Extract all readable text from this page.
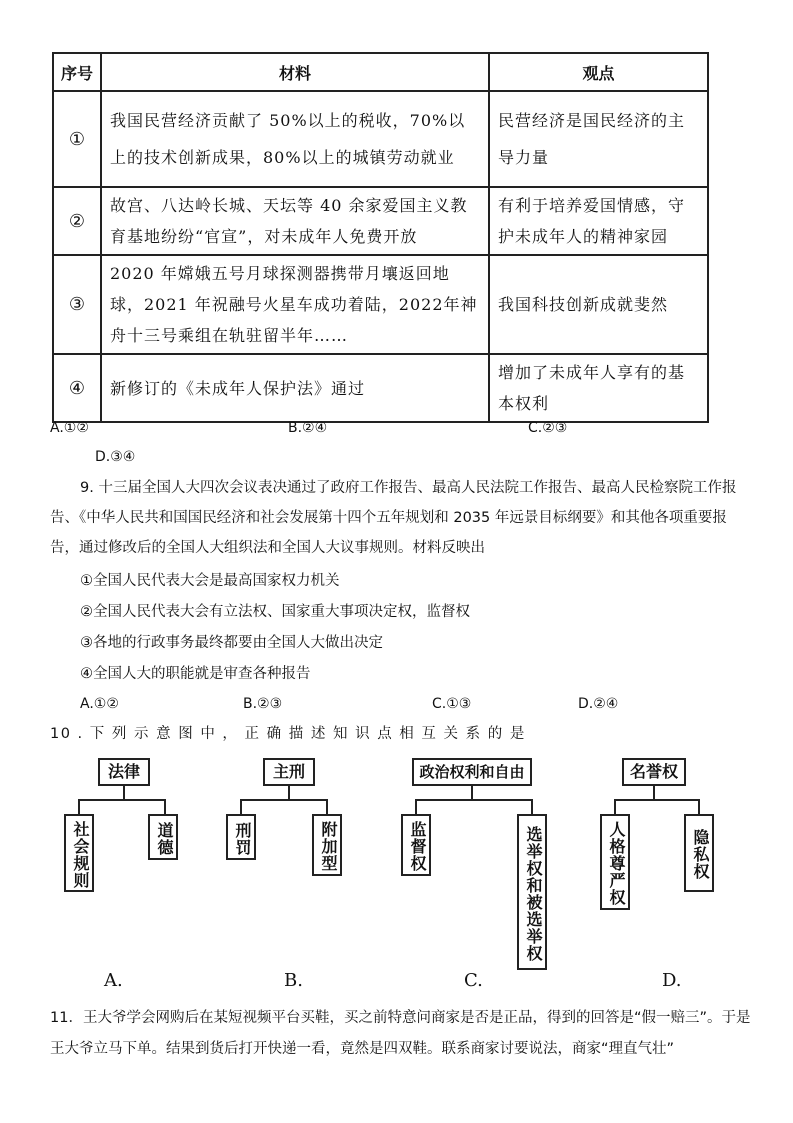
序号	材料	观点
①	我国民营经济贡献了 50%以上的税收，70%以上的技术创新成果，80%以上的城镇劳动就业	民营经济是国民经济的主导力量
②	故宫、八达岭长城、天坛等 40 余家爱国主义教育基地纷纷“官宣”，对未成年人免费开放	有利于培养爱国情感，守护未成年人的精神家园
③	2020 年嫦娥五号月球探测器携带月壤返回地球，2021 年祝融号火星车成功着陆，2022年神舟十三号乘组在轨驻留半年……	我国科技创新成就斐然
④	新修订的《未成年人保护法》通过	增加了未成年人享有的基本权利
A.①②	B.②④	C.②③
D.③④
9. 十三届全国人大四次会议表决通过了政府工作报告、最高人民法院工作报告、最高人民检察院工作报告、《中华人民共和国国民经济和社会发展第十四个五年规划和 2035 年远景目标纲要》和其他各项重要报告，通过修改后的全国人大组织法和全国人大议事规则。材料反映出
①全国人民代表大会是最高国家权力机关
②全国人民代表大会有立法权、国家重大事项决定权，监督权
③各地的行政事务最终都要由全国人大做出决定
④全国人大的职能就是审查各种报告
A.①②	B.②③	C.①③	D.②④
10 . 下 列 示 意 图 中 ， 正 确 描 述 知 识 点 相 互 关 系 的 是
法律
社会规则	道德
A.
主刑
刑罚	附加型
B.
政治权利和自由
监督权	选举权和被选举权
C.
名誉权
人格尊严权	隐私权
D.
11．王大爷学会网购后在某短视频平台买鞋，买之前特意问商家是否是正品，得到的回答是“假一赔三”。于是
王大爷立马下单。结果到货后打开快递一看，竟然是四双鞋。联系商家讨要说法，商家“理直气壮”
